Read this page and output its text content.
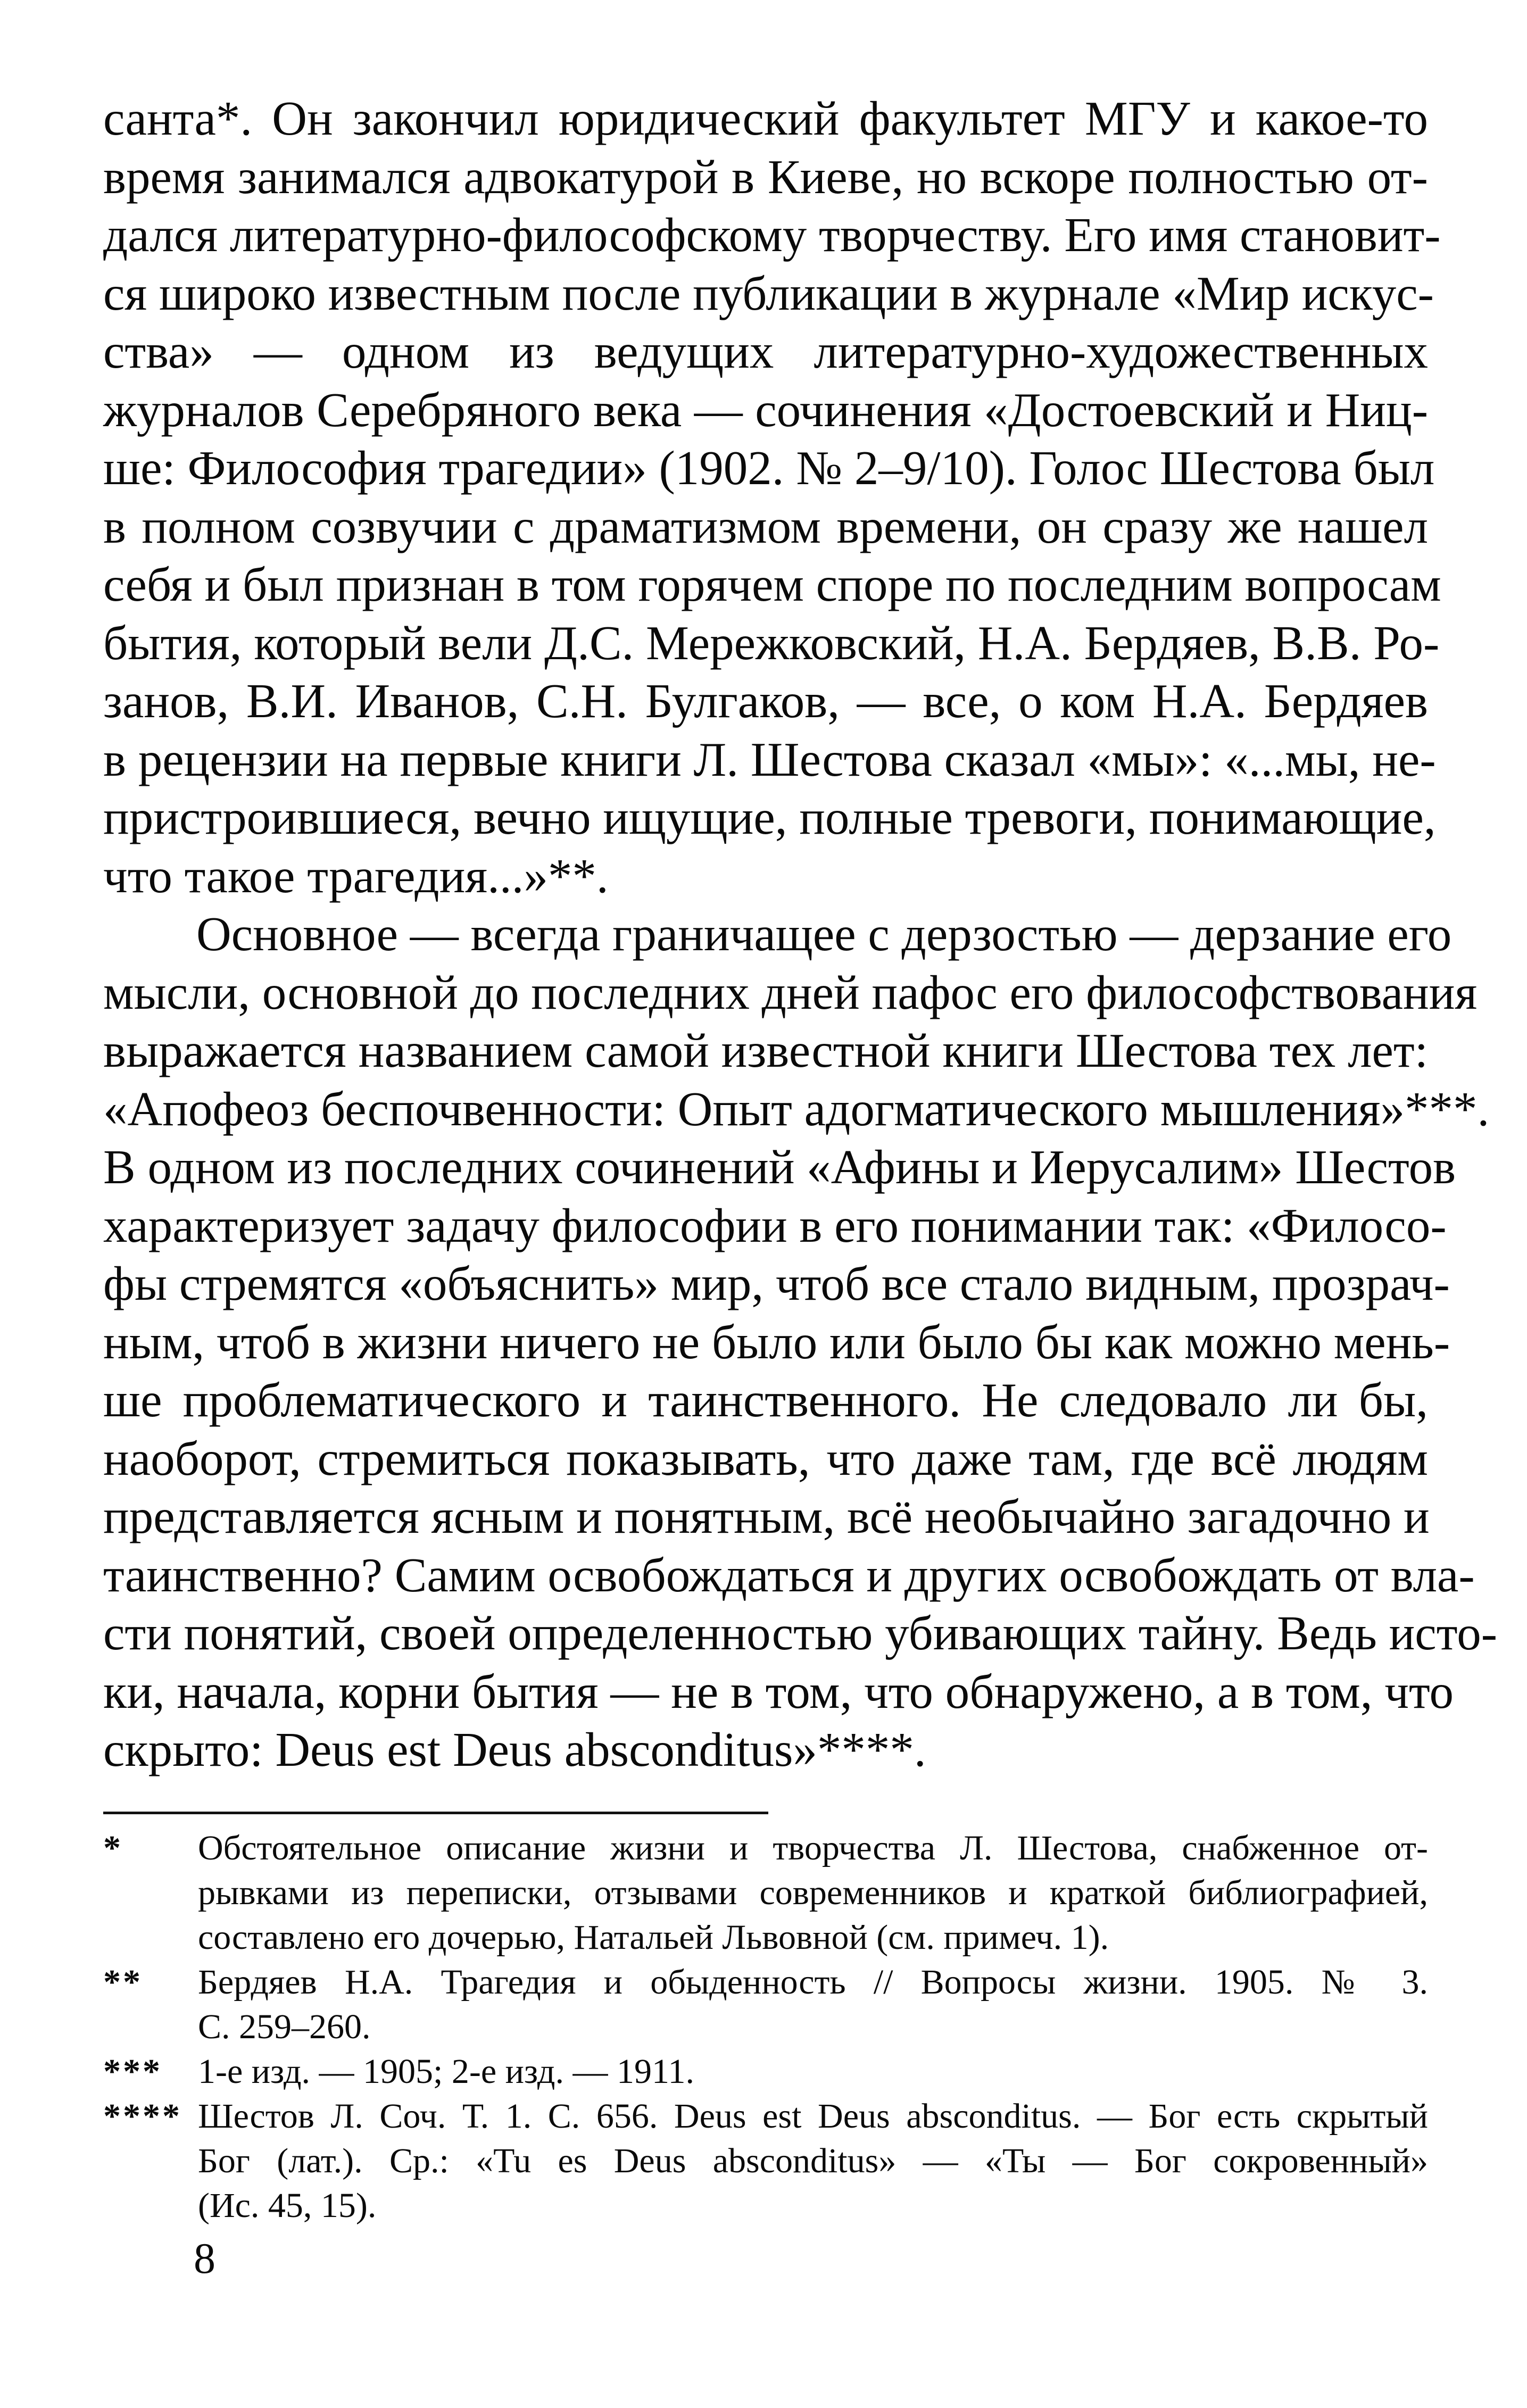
санта*. Он закончил юридический факультет МГУ и какое-то
время занимался адвокатурой в Киеве, но вскоре полностью от-
дался литературно-философскому творчеству. Его имя становит-
ся широко известным после публикации в журнале «Мир искус-
ства» — одном из ведущих литературно-художественных
журналов Серебряного века — сочинения «Достоевский и Ниц-
ше: Философия трагедии» (1902. № 2–9/10). Голос Шестова был
в полном созвучии с драматизмом времени, он сразу же нашел
себя и был признан в том горячем споре по последним вопросам
бытия, который вели Д.С. Мережковский, Н.А. Бердяев, В.В. Ро-
занов, В.И. Иванов, С.Н. Булгаков, — все, о ком Н.А. Бердяев
в рецензии на первые книги Л. Шестова сказал «мы»: «...мы, не-
пристроившиеся, вечно ищущие, полные тревоги, понимающие,
что такое трагедия...»**.

Основное — всегда граничащее с дерзостью — дерзание его
мысли, основной до последних дней пафос его философствования
выражается названием самой известной книги Шестова тех лет:
«Апофеоз беспочвенности: Опыт адогматического мышления»***.
В одном из последних сочинений «Афины и Иерусалим» Шестов
характеризует задачу философии в его понимании так: «Филосо-
фы стремятся «объяснить» мир, чтоб все стало видным, прозрач-
ным, чтоб в жизни ничего не было или было бы как можно мень-
ше проблематического и таинственного. Не следовало ли бы,
наоборот, стремиться показывать, что даже там, где всё людям
представляется ясным и понятным, всё необычайно загадочно и
таинственно? Самим освобождаться и других освобождать от вла-
сти понятий, своей определенностью убивающих тайну. Ведь исто-
ки, начала, корни бытия — не в том, что обнаружено, а в том, что
скрыто: Deus est Deus absconditus»****.

*	Обстоятельное описание жизни и творчества Л. Шестова, снабженное от-
рывками из переписки, отзывами современников и краткой библиографией,
составлено его дочерью, Натальей Львовной (см. примеч. 1).
**	Бердяев Н.А. Трагедия и обыденность // Вопросы жизни. 1905. № 3.
С. 259–260.
***	1-е изд. — 1905; 2-е изд. — 1911.
**** Шестов Л. Соч. Т. 1. С. 656. Deus est Deus absconditus. — Бог есть скрытый
Бог (лат.). Ср.: «Tu es Deus absconditus» — «Ты — Бог сокровенный»
(Ис. 45, 15).
8
